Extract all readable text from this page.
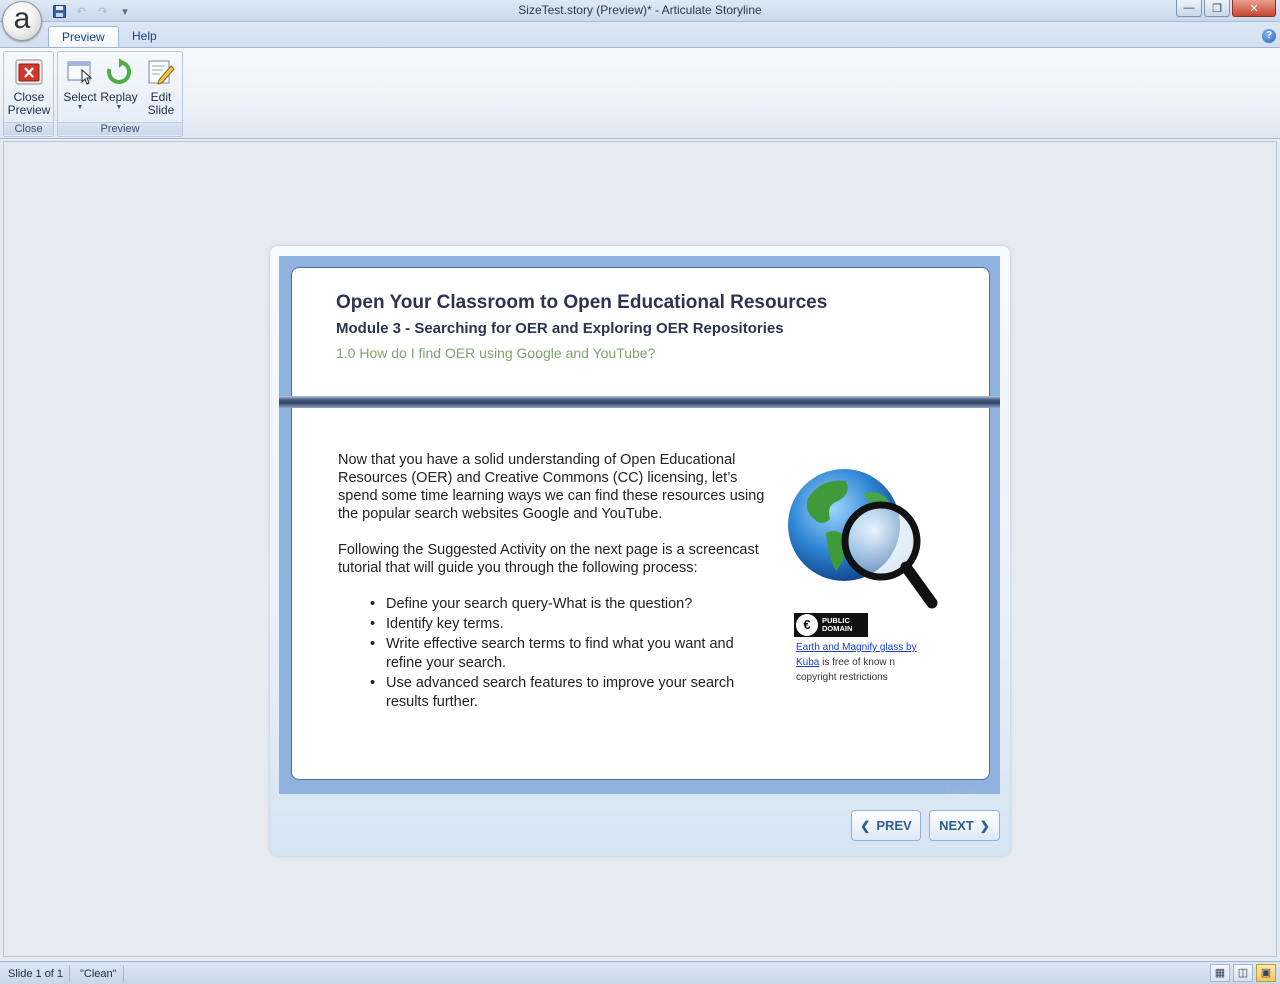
↶	↷	▾	SizeTest.story (Preview)* - Articulate Storyline	—	❐	✕
a
Preview	Help	?
Close
Preview
Close
Select
▼
Replay
▼
Edit
Slide
Preview
Open Your Classroom to Open Educational Resources
Module 3 - Searching for OER and Exploring OER Repositories
1.0 How do I find OER using Google and YouTube?

Now that you have a solid understanding of Open Educational Resources (OER) and Creative Commons (CC) licensing, let’s spend some time learning ways we can find these resources using the popular search websites Google and YouTube.

Following the Suggested Activity on the next page is a screencast tutorial that will guide you through the following process:

• Define your search query-What is the question?
• Identify key terms.
• Write effective search terms to find what you want and refine your search.
• Use advanced search features to improve your search results further.
€	PUBLIC
DOMAIN
Earth and Magnify glass by
Kuba is free of know n copyright restrictions
1 of 26
❮ PREV NEXT ❯
Slide 1 of 1	"Clean"	▦	◫	▣
